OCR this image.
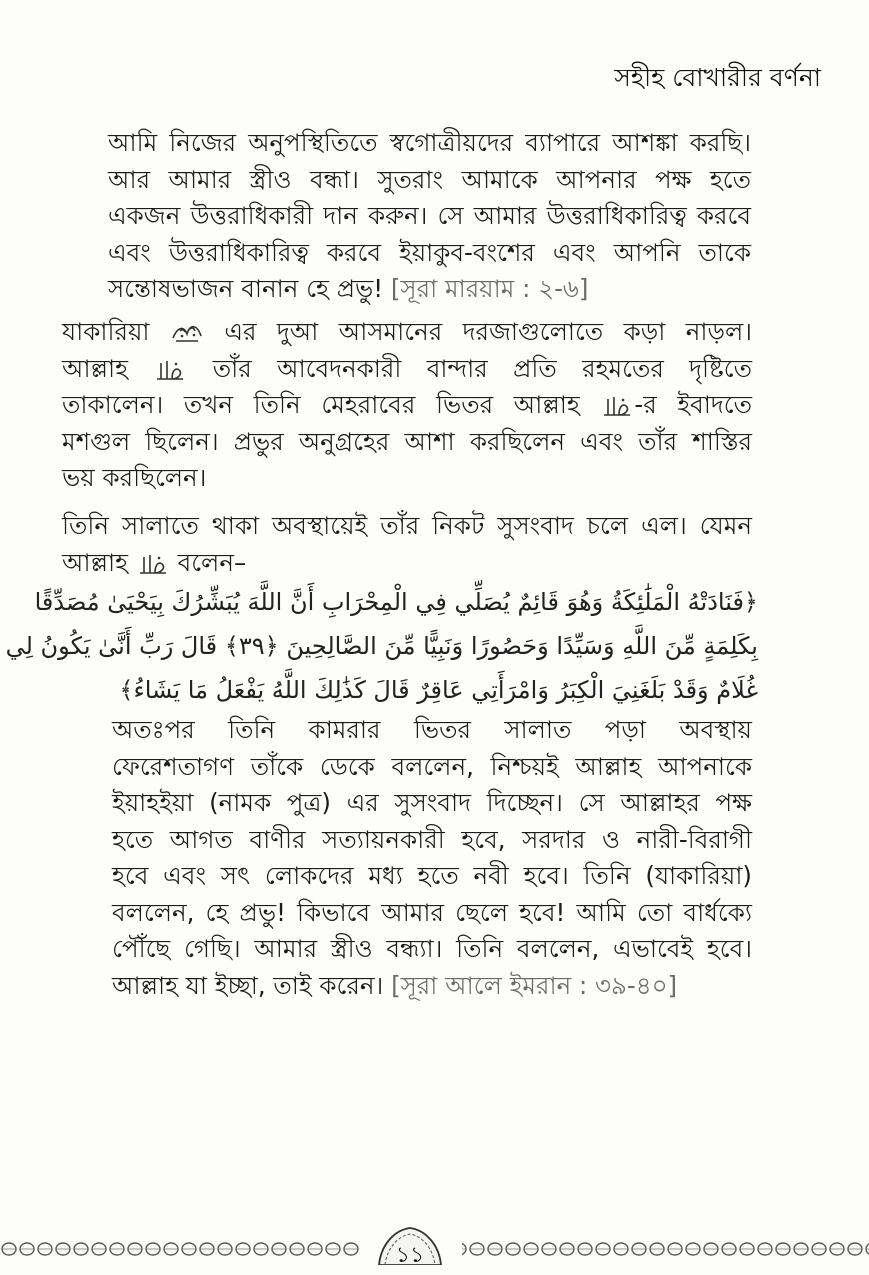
সহীহ বোখারীর বর্ণনা
আমি নিজের অনুপস্থিতিতে স্বগোত্রীয়দের ব্যাপারে আশঙ্কা করছি।
আর আমার স্ত্রীও বন্ধা। সুতরাং আমাকে আপনার পক্ষ হতে
একজন উত্তরাধিকারী দান করুন। সে আমার উত্তরাধিকারিত্ব করবে
এবং উত্তরাধিকারিত্ব করবে ইয়াকুব-বংশের এবং আপনি তাকে
সন্তোষভাজন বানান হে প্রভু! [সূরা মারয়াম : ২-৬]
যাকারিয়া	এর দুআ আসমানের দরজাগুলোতে কড়া নাড়ল।
আল্লাহ	তাঁর আবেদনকারী বান্দার প্রতি রহমতের দৃষ্টিতে
তাকালেন। তখন তিনি মেহরাবের ভিতর আল্লাহ -র ইবাদতে
মশগুল ছিলেন। প্রভুর অনুগ্রহের আশা করছিলেন এবং তাঁর শাস্তির
ভয় করছিলেন।
তিনি সালাতে থাকা অবস্থায়েই তাঁর নিকট সুসংবাদ চলে এল। যেমন
আল্লাহ বলেন–
﴿فَنَادَتْهُ الْمَلَٰئِكَةُ وَهُوَ قَائِمٌ يُصَلِّي فِي الْمِحْرَابِ أَنَّ اللَّهَ يُبَشِّرُكَ بِيَحْيَىٰ مُصَدِّقًا
بِكَلِمَةٍ مِّنَ اللَّهِ وَسَيِّدًا وَحَصُورًا وَنَبِيًّا مِّنَ الصَّالِحِينَ ﴿٣٩﴾ قَالَ رَبِّ أَنَّىٰ يَكُونُ لِي
غُلَامٌ وَقَدْ بَلَغَنِيَ الْكِبَرُ وَامْرَأَتِي عَاقِرٌ قَالَ كَذَٰلِكَ اللَّهُ يَفْعَلُ مَا يَشَاءُ﴾
অতঃপর তিনি কামরার ভিতর সালাত পড়া অবস্থায়
ফেরেশতাগণ তাঁকে ডেকে বললেন, নিশ্চয়ই আল্লাহ আপনাকে
ইয়াহইয়া (নামক পুত্র) এর সুসংবাদ দিচ্ছেন। সে আল্লাহর পক্ষ
হতে আগত বাণীর সত্যায়নকারী হবে, সরদার ও নারী-বিরাগী
হবে এবং সৎ লোকদের মধ্য হতে নবী হবে। তিনি (যাকারিয়া)
বললেন, হে প্রভু! কিভাবে আমার ছেলে হবে! আমি তো বার্ধক্যে
পৌঁছে গেছি। আমার স্ত্রীও বন্ধ্যা। তিনি বললেন, এভাবেই হবে।
আল্লাহ যা ইচ্ছা, তাই করেন। [সূরা আলে ইমরান : ৩৯-৪০]
১১
